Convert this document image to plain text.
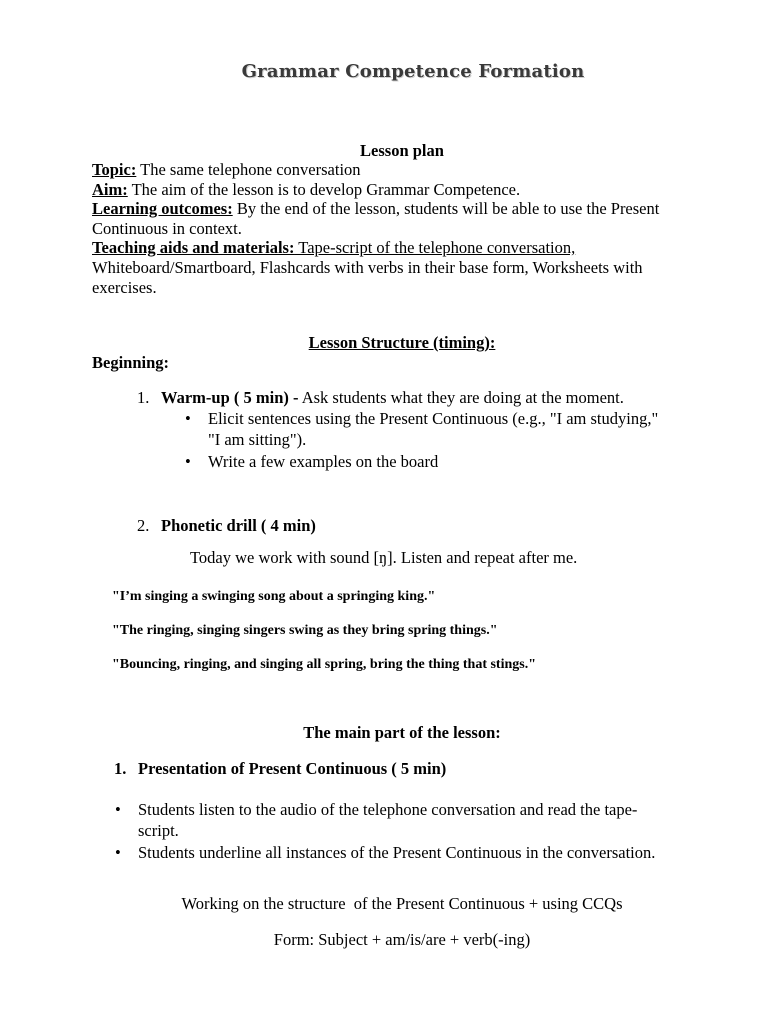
Grammar Competence Formation
Lesson plan
Topic: The same telephone conversation
Aim: The aim of the lesson is to develop Grammar Competence.
Learning outcomes: By the end of the lesson, students will be able to use the Present
Continuous in context.
Teaching aids and materials: Tape-script of the telephone conversation,
Whiteboard/Smartboard, Flashcards with verbs in their base form, Worksheets with
exercises.
Lesson Structure (timing):
Beginning:
1. Warm-up ( 5 min) - Ask students what they are doing at the moment.
• Elicit sentences using the Present Continuous (e.g., "I am studying,"
"I am sitting").
• Write a few examples on the board
2. Phonetic drill ( 4 min)
Today we work with sound [ŋ]. Listen and repeat after me.
"I’m singing a swinging song about a springing king."
"The ringing, singing singers swing as they bring spring things."
"Bouncing, ringing, and singing all spring, bring the thing that stings."
The main part of the lesson:
1. Presentation of Present Continuous ( 5 min)
• Students listen to the audio of the telephone conversation and read the tape-
script.
• Students underline all instances of the Present Continuous in the conversation.
Working on the structure  of the Present Continuous + using CCQs
Form: Subject + am/is/are + verb(-ing)
